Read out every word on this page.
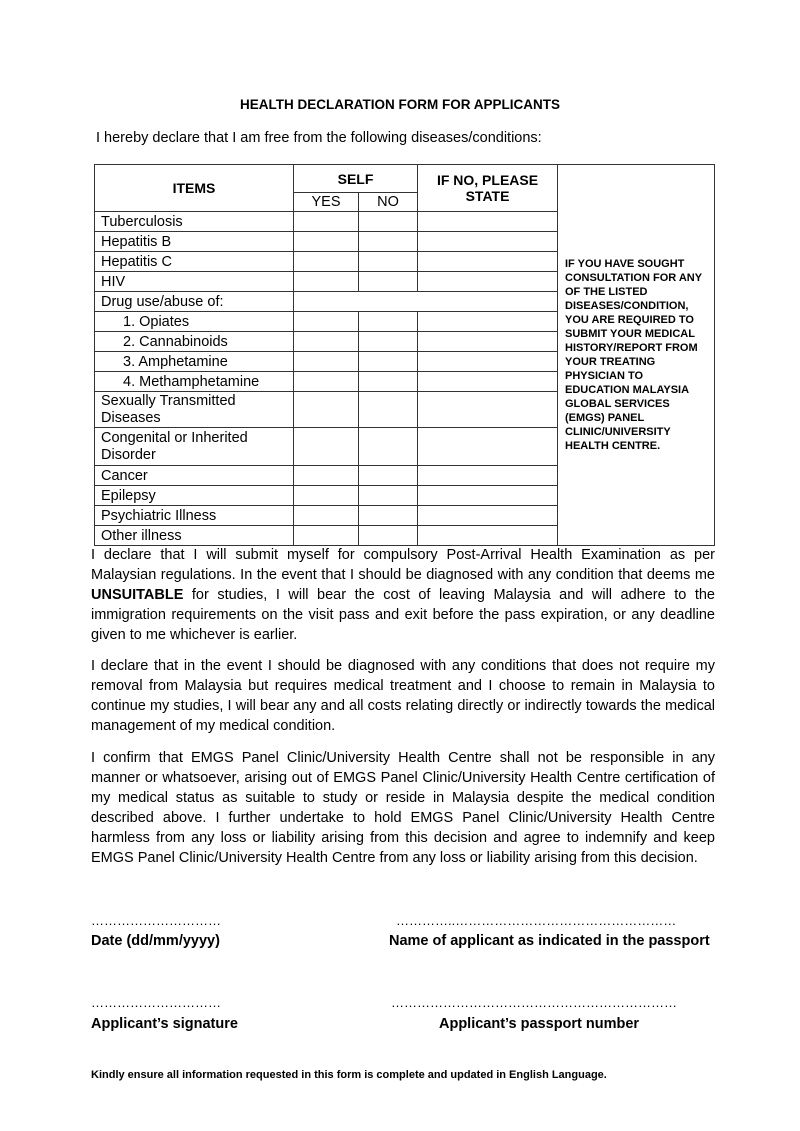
HEALTH DECLARATION FORM FOR APPLICANTS
I hereby declare that I am free from the following diseases/conditions:
ITEMS	SELF		IF NO, PLEASE STATE	IF YOU HAVE SOUGHT CONSULTATION FOR ANY OF THE LISTED DISEASES/CONDITION, YOU ARE REQUIRED TO SUBMIT YOUR MEDICAL HISTORY/REPORT FROM YOUR TREATING PHYSICIAN TO EDUCATION MALAYSIA GLOBAL SERVICES (EMGS) PANEL CLINIC/UNIVERSITY HEALTH CENTRE.
	YES	NO		
Tuberculosis				
Hepatitis B				
Hepatitis C				
HIV				
Drug use/abuse of:				
1. Opiates				
2. Cannabinoids				
3. Amphetamine				
4. Methamphetamine				
Sexually Transmitted Diseases				
Congenital or Inherited Disorder				
Cancer				
Epilepsy				
Psychiatric Illness				
Other illness				

I declare that I will submit myself for compulsory Post-Arrival Health Examination as per Malaysian regulations. In the event that I should be diagnosed with any condition that deems me UNSUITABLE for studies, I will bear the cost of leaving Malaysia and will adhere to the immigration requirements on the visit pass and exit before the pass expiration, or any deadline given to me whichever is earlier.

I declare that in the event I should be diagnosed with any conditions that does not require my removal from Malaysia but requires medical treatment and I choose to remain in Malaysia to continue my studies, I will bear any and all costs relating directly or indirectly towards the medical management of my medical condition.

I confirm that EMGS Panel Clinic/University Health Centre shall not be responsible in any manner or whatsoever, arising out of EMGS Panel Clinic/University Health Centre certification of my medical status as suitable to study or reside in Malaysia despite the medical condition described above. I further undertake to hold EMGS Panel Clinic/University Health Centre harmless from any loss or liability arising from this decision and agree to indemnify and keep EMGS Panel Clinic/University Health Centre from any loss or liability arising from this decision.

…………………………	…………..……………………………………………
Date (dd/mm/yyyy)	Name of applicant as indicated in the passport
…………………………	…………………………………………………………
Applicant’s signature	Applicant’s passport number
Kindly ensure all information requested in this form is complete and updated in English Language.
